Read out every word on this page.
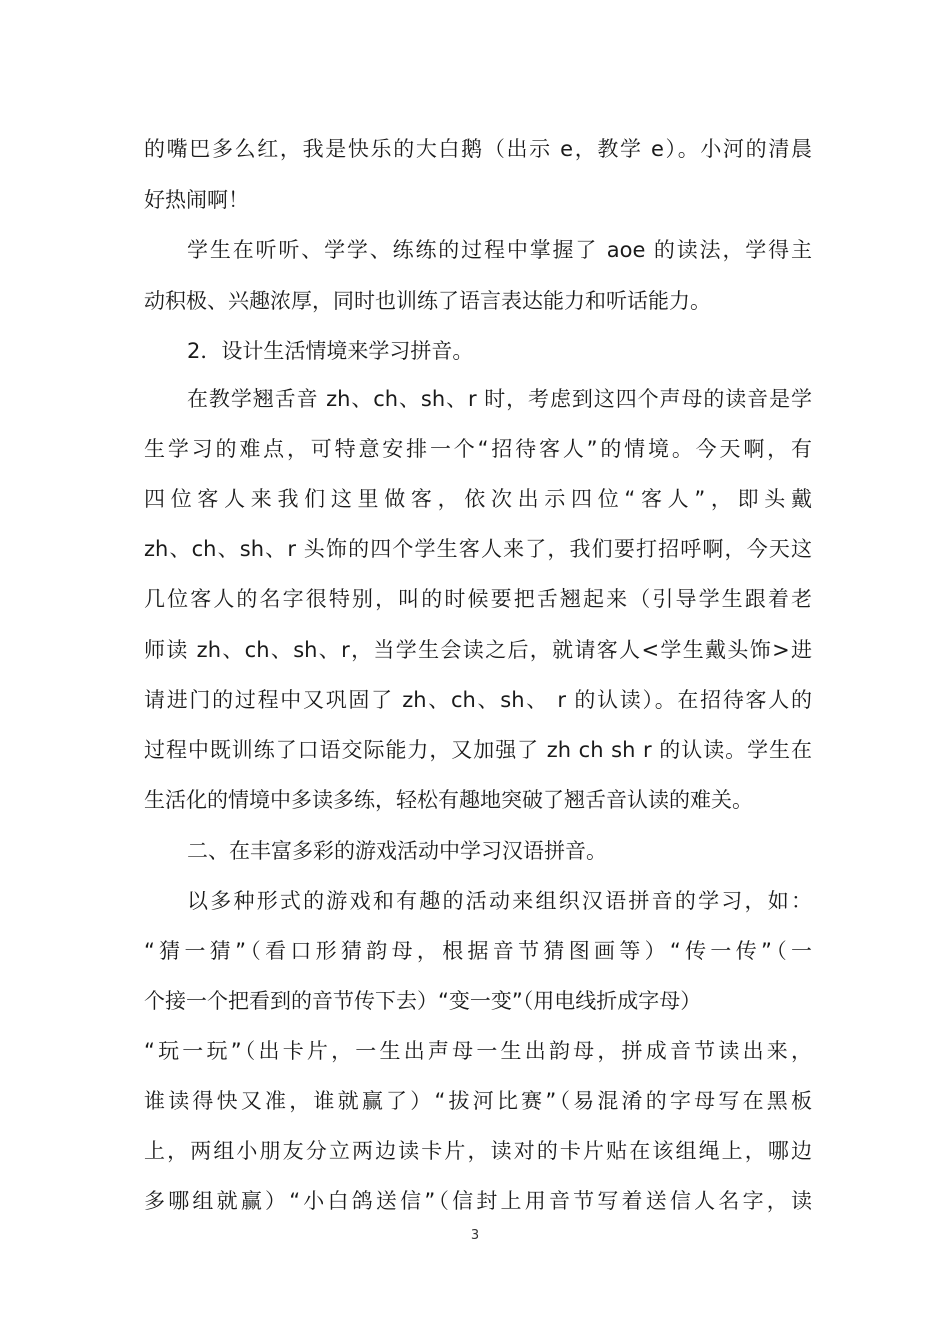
的嘴巴多么红，我是快乐的大白鹅（出示 e，教学 e）。小河的清晨
好热闹啊！
学生在听听、学学、练练的过程中掌握了 aoe 的读法，学得主
动积极、兴趣浓厚，同时也训练了语言表达能力和听话能力。
2．设计生活情境来学习拼音。
在教学翘舌音 zh、ch、sh、r 时，考虑到这四个声母的读音是学
生学习的难点，可特意安排一个“招待客人”的情境。今天啊，有
四位客人来我们这里做客，依次出示四位“客人”，即头戴
zh、ch、sh、r 头饰的四个学生客人来了，我们要打招呼啊，今天这
几位客人的名字很特别，叫的时候要把舌翘起来（引导学生跟着老
师读 zh、ch、sh、r，当学生会读之后，就请客人<学生戴头饰>进
请进门的过程中又巩固了 zh、ch、sh、 r 的认读）。在招待客人的
过程中既训练了口语交际能力，又加强了 zh ch sh r 的认读。学生在
生活化的情境中多读多练，轻松有趣地突破了翘舌音认读的难关。
二、在丰富多彩的游戏活动中学习汉语拼音。
以多种形式的游戏和有趣的活动来组织汉语拼音的学习，如：
“猜一猜”（看口形猜韵母，根据音节猜图画等）“传一传”（一
个接一个把看到的音节传下去）“变一变”（用电线折成字母）
“玩一玩”（出卡片，一生出声母一生出韵母，拼成音节读出来，
谁读得快又准，谁就赢了）“拔河比赛”（易混淆的字母写在黑板
上，两组小朋友分立两边读卡片，读对的卡片贴在该组绳上，哪边
多哪组就赢）“小白鸽送信”（信封上用音节写着送信人名字，读
3
